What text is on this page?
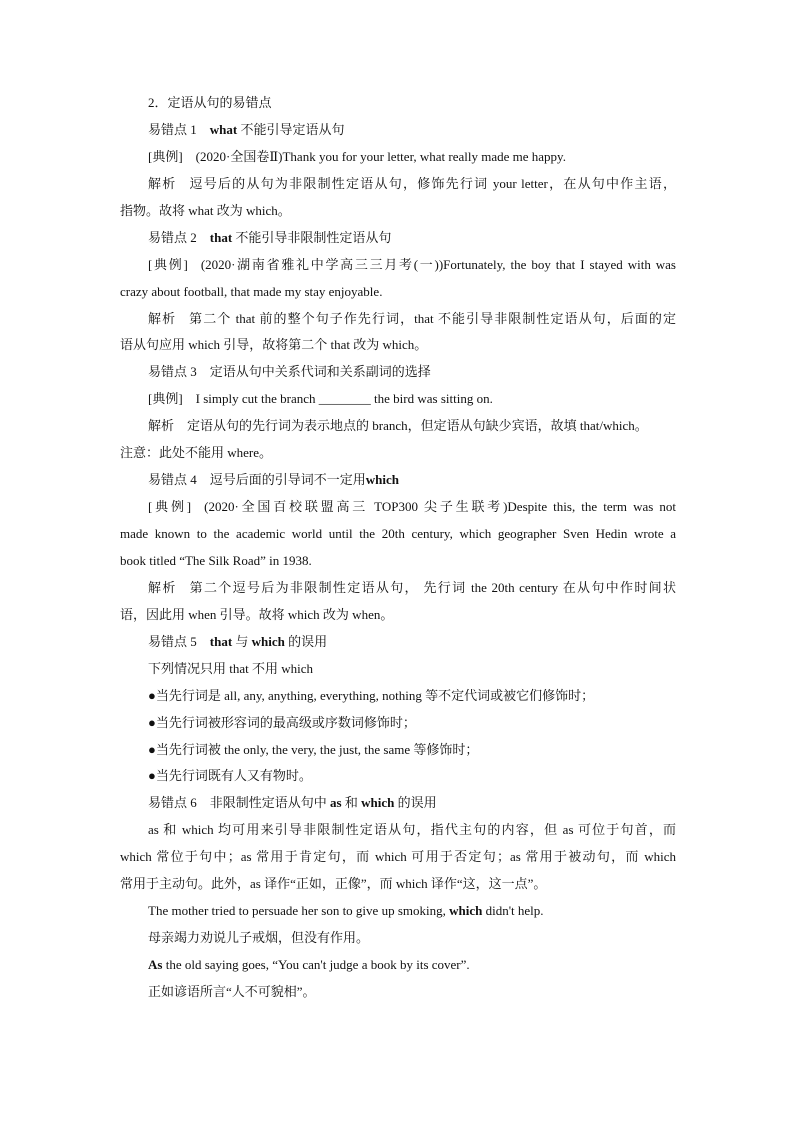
2．定语从句的易错点
易错点 1 what 不能引导定语从句
[典例] (2020·全国卷Ⅱ)Thank you for your letter, what really made me happy.
解析 逗号后的从句为非限制性定语从句，修饰先行词 your letter，在从句中作主语，
指物。故将 what 改为 which。
易错点 2 that 不能引导非限制性定语从句
[典例] (2020·湖南省雅礼中学高三三月考(一))Fortunately, the boy that I stayed with was
crazy about football, that made my stay enjoyable.
解析 第二个 that 前的整个句子作先行词，that 不能引导非限制性定语从句，后面的定
语从句应用 which 引导，故将第二个 that 改为 which。
易错点 3 定语从句中关系代词和关系副词的选择
[典例] I simply cut the branch ________ the bird was sitting on.
解析 定语从句的先行词为表示地点的 branch，但定语从句缺少宾语，故填 that/which。
注意：此处不能用 where。
易错点 4 逗号后面的引导词不一定用which
[典例] (2020·全国百校联盟高三 TOP300 尖子生联考)Despite this, the term was not
made known to the academic world until the 20th century, which geographer Sven Hedin wrote a
book titled “The Silk Road” in 1938.
解析 第二个逗号后为非限制性定语从句， 先行词 the 20th century 在从句中作时间状
语，因此用 when 引导。故将 which 改为 when。
易错点 5 that 与 which 的误用
下列情况只用 that 不用 which
●当先行词是 all, any, anything, everything, nothing 等不定代词或被它们修饰时；
●当先行词被形容词的最高级或序数词修饰时；
●当先行词被 the only, the very, the just, the same 等修饰时；
●当先行词既有人又有物时。
易错点 6 非限制性定语从句中 as 和 which 的误用
as 和 which 均可用来引导非限制性定语从句，指代主句的内容，但 as 可位于句首，而
which 常位于句中；as 常用于肯定句，而 which 可用于否定句；as 常用于被动句，而 which
常用于主动句。此外，as 译作“正如，正像”，而 which 译作“这，这一点”。
The mother tried to persuade her son to give up smoking, which didn't help.
母亲竭力劝说儿子戒烟，但没有作用。
As the old saying goes, “You can't judge a book by its cover”.
正如谚语所言“人不可貌相”。
